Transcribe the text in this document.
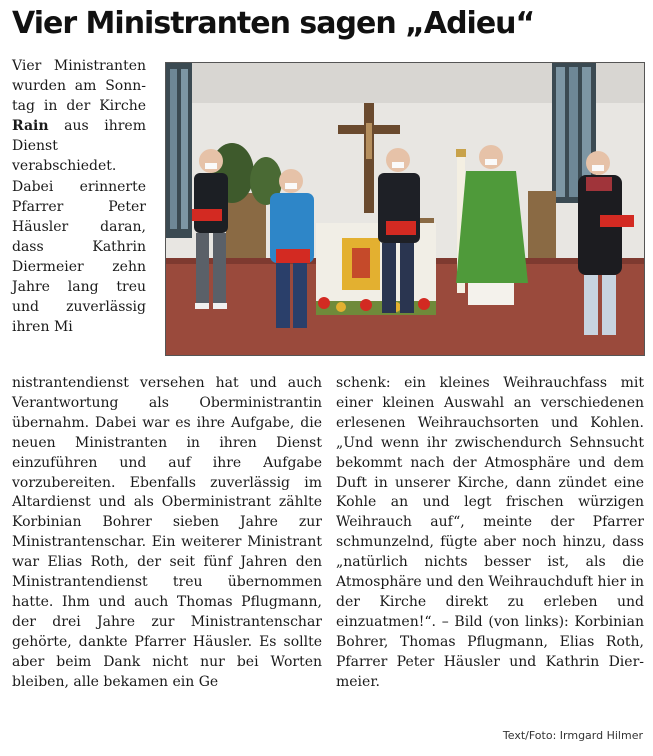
Vier Ministranten sagen „Adieu“
Vier Ministranten wurden am Sonntag in der Kirche Rain aus ihrem Dienst verabschiedet. Dabei erinnerte Pfarrer Peter Häusler daran, dass Kathrin Diermeier zehn Jahre lang treu und zuverlässig ihren Mi
nistrantendienst versehen hat und auch Verantwortung als Oberministrantin übernahm. Dabei war es ihre Aufgabe, die neuen Ministranten in ihren Dienst einzuführen und auf ihre Aufgabe vorzubereiten. Ebenfalls zuverlässig im Altardienst und als Oberministrant zählte Korbinian Bohrer sieben Jahre zur Ministrantenschar. Ein weiterer Ministrant war Elias Roth, der seit fünf Jahren den Ministrantendienst treu übernommen hatte. Ihm und auch Thomas Pflugmann, der drei Jahre zur Ministrantenschar gehörte, dankte Pfarrer Häusler. Es sollte aber beim Dank nicht nur bei Worten bleiben, alle bekamen ein Ge
schenk: ein kleines Weihrauchfass mit einer kleinen Auswahl an verschiedenen erlesenen Weihrauchsorten und Kohlen. „Und wenn ihr zwischendurch Sehnsucht bekommt nach der Atmosphäre und dem Duft in unserer Kirche, dann zündet eine Kohle an und legt frischen würzigen Weihrauch auf“, meinte der Pfarrer schmunzelnd, fügte aber noch hinzu, dass „natürlich nichts besser ist, als die Atmosphäre und den Weihrauchduft hier in der Kirche direkt zu erleben und einzuatmen!“. – Bild (von links): Korbinian Bohrer, Thomas Pflugmann, Elias Roth, Pfarrer Peter Häusler und Kathrin Diermeier.
Text/Foto: Irmgard Hilmer
